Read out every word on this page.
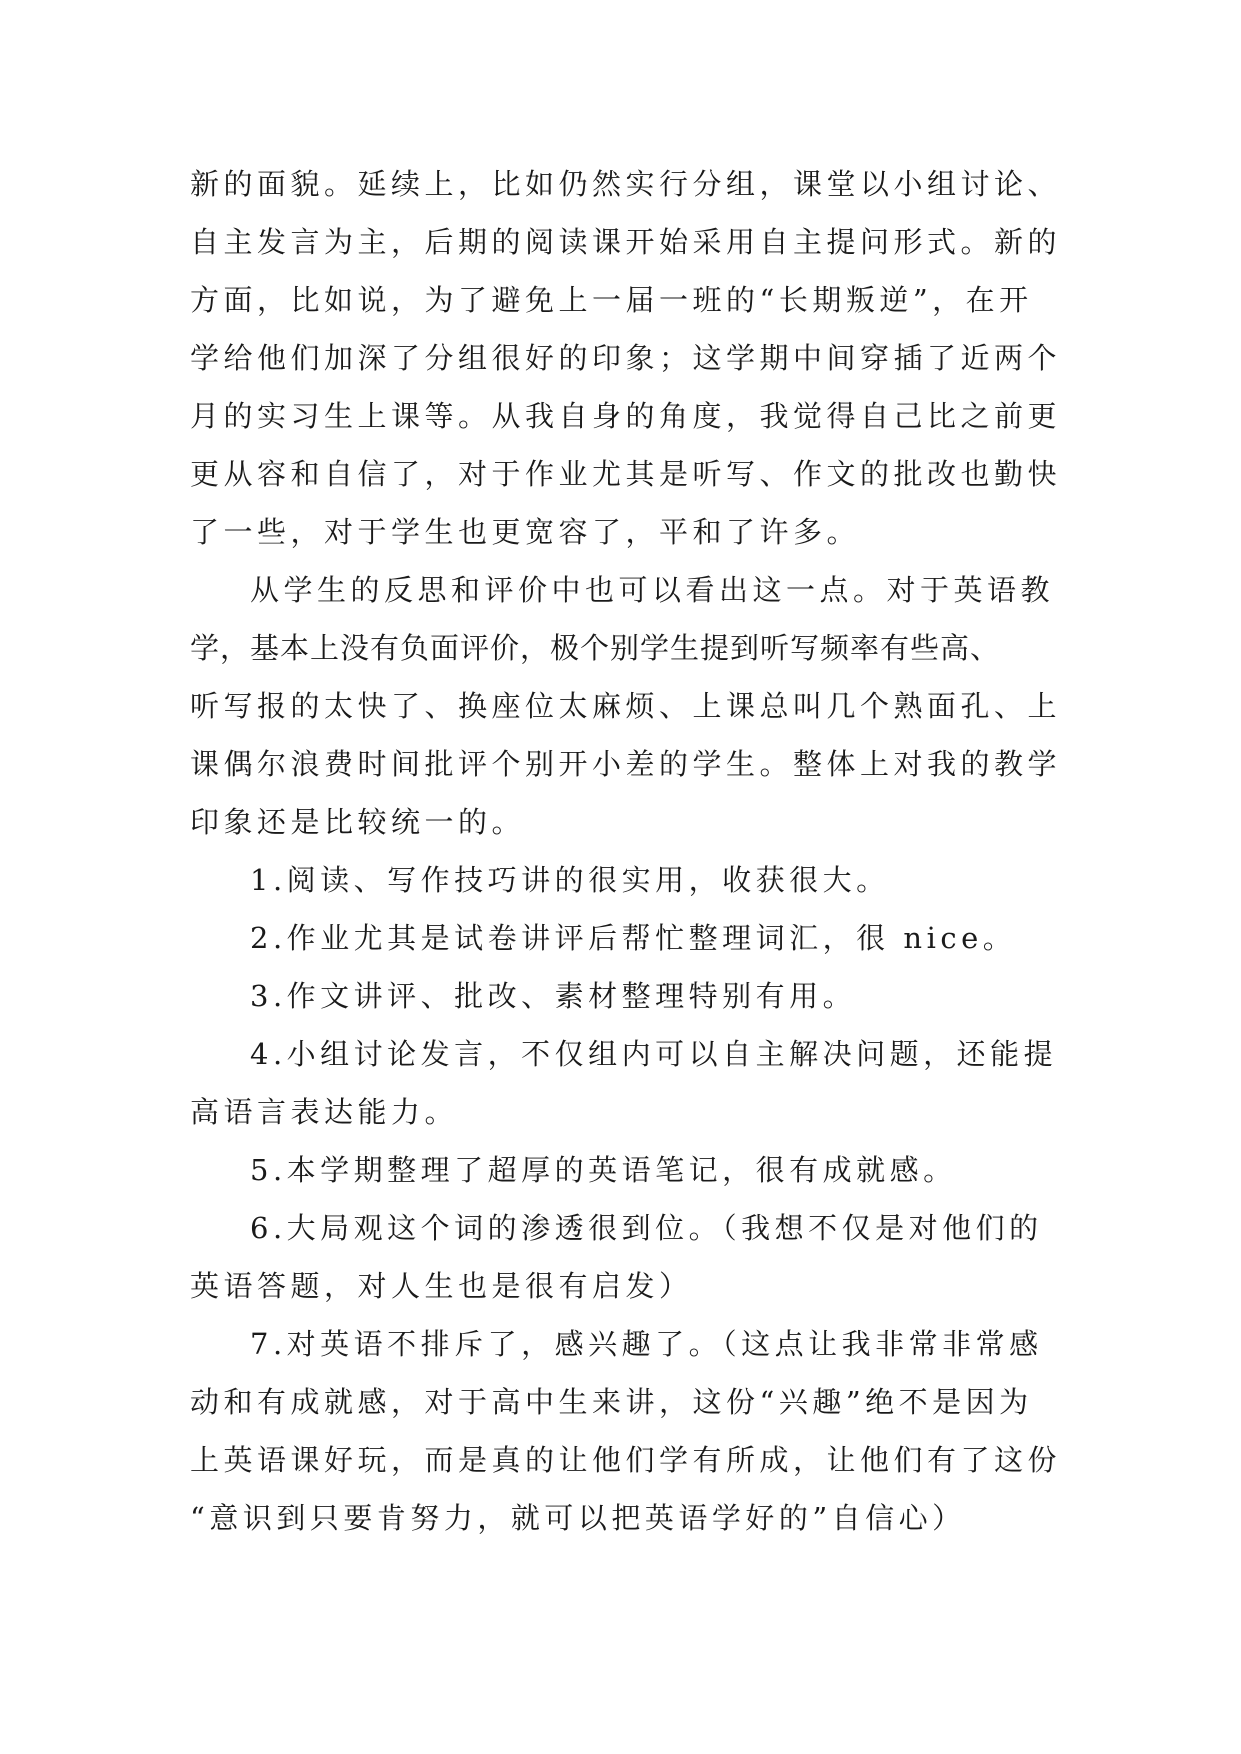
新的面貌。延续上，比如仍然实行分组，课堂以小组讨论、
自主发言为主，后期的阅读课开始采用自主提问形式。新的
方面，比如说，为了避免上一届一班的“长期叛逆”，在开
学给他们加深了分组很好的印象；这学期中间穿插了近两个
月的实习生上课等。从我自身的角度，我觉得自己比之前更
更从容和自信了，对于作业尤其是听写、作文的批改也勤快
了一些，对于学生也更宽容了，平和了许多。
从学生的反思和评价中也可以看出这一点。对于英语教
学，基本上没有负面评价，极个别学生提到听写频率有些高、
听写报的太快了、换座位太麻烦、上课总叫几个熟面孔、上
课偶尔浪费时间批评个别开小差的学生。整体上对我的教学
印象还是比较统一的。
1.阅读、写作技巧讲的很实用，收获很大。
2.作业尤其是试卷讲评后帮忙整理词汇，很 nice。
3.作文讲评、批改、素材整理特别有用。
4.小组讨论发言，不仅组内可以自主解决问题，还能提
高语言表达能力。
5.本学期整理了超厚的英语笔记，很有成就感。
6.大局观这个词的渗透很到位。（我想不仅是对他们的
英语答题，对人生也是很有启发）
7.对英语不排斥了，感兴趣了。（这点让我非常非常感
动和有成就感，对于高中生来讲，这份“兴趣”绝不是因为
上英语课好玩，而是真的让他们学有所成，让他们有了这份
“意识到只要肯努力，就可以把英语学好的”自信心）
